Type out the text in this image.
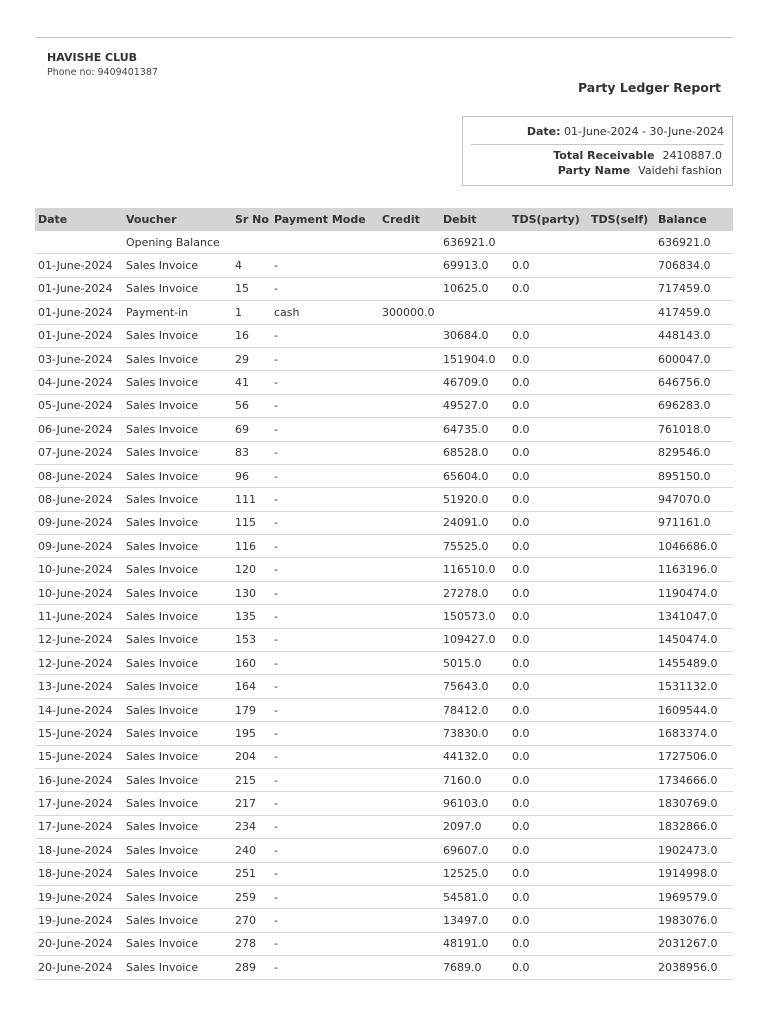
HAVISHE CLUB
Phone no: 9409401387
Party Ledger Report
Date: 01-June-2024 - 30-June-2024
Total Receivable 2410887.0
Party Name Vaidehi fashion
Date	Voucher	Sr No	Payment Mode	Credit	Debit	TDS(party)	TDS(self)	Balance
	Opening Balance				636921.0			636921.0
01-June-2024	Sales Invoice	4	-		69913.0	0.0		706834.0
01-June-2024	Sales Invoice	15	-		10625.0	0.0		717459.0
01-June-2024	Payment-in	1	cash	300000.0				417459.0
01-June-2024	Sales Invoice	16	-		30684.0	0.0		448143.0
03-June-2024	Sales Invoice	29	-		151904.0	0.0		600047.0
04-June-2024	Sales Invoice	41	-		46709.0	0.0		646756.0
05-June-2024	Sales Invoice	56	-		49527.0	0.0		696283.0
06-June-2024	Sales Invoice	69	-		64735.0	0.0		761018.0
07-June-2024	Sales Invoice	83	-		68528.0	0.0		829546.0
08-June-2024	Sales Invoice	96	-		65604.0	0.0		895150.0
08-June-2024	Sales Invoice	111	-		51920.0	0.0		947070.0
09-June-2024	Sales Invoice	115	-		24091.0	0.0		971161.0
09-June-2024	Sales Invoice	116	-		75525.0	0.0		1046686.0
10-June-2024	Sales Invoice	120	-		116510.0	0.0		1163196.0
10-June-2024	Sales Invoice	130	-		27278.0	0.0		1190474.0
11-June-2024	Sales Invoice	135	-		150573.0	0.0		1341047.0
12-June-2024	Sales Invoice	153	-		109427.0	0.0		1450474.0
12-June-2024	Sales Invoice	160	-		5015.0	0.0		1455489.0
13-June-2024	Sales Invoice	164	-		75643.0	0.0		1531132.0
14-June-2024	Sales Invoice	179	-		78412.0	0.0		1609544.0
15-June-2024	Sales Invoice	195	-		73830.0	0.0		1683374.0
15-June-2024	Sales Invoice	204	-		44132.0	0.0		1727506.0
16-June-2024	Sales Invoice	215	-		7160.0	0.0		1734666.0
17-June-2024	Sales Invoice	217	-		96103.0	0.0		1830769.0
17-June-2024	Sales Invoice	234	-		2097.0	0.0		1832866.0
18-June-2024	Sales Invoice	240	-		69607.0	0.0		1902473.0
18-June-2024	Sales Invoice	251	-		12525.0	0.0		1914998.0
19-June-2024	Sales Invoice	259	-		54581.0	0.0		1969579.0
19-June-2024	Sales Invoice	270	-		13497.0	0.0		1983076.0
20-June-2024	Sales Invoice	278	-		48191.0	0.0		2031267.0
20-June-2024	Sales Invoice	289	-		7689.0	0.0		2038956.0
